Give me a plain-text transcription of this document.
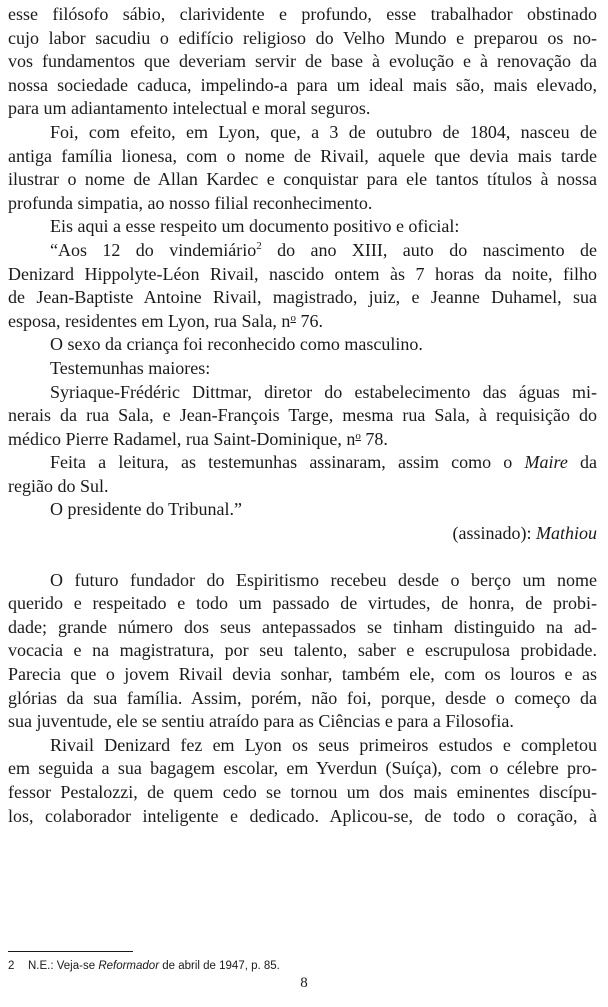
esse filósofo sábio, clarividente e profundo, esse trabalhador obstinado

cujo labor sacudiu o edifício religioso do Velho Mundo e preparou os no-

vos fundamentos que deveriam servir de base à evolução e à renovação da

nossa sociedade caduca, impelindo-a para um ideal mais são, mais elevado,

para um adiantamento intelectual e moral seguros.

Foi, com efeito, em Lyon, que, a 3 de outubro de 1804, nasceu de

antiga família lionesa, com o nome de Rivail, aquele que devia mais tarde

ilustrar o nome de Allan Kardec e conquistar para ele tantos títulos à nossa

profunda simpatia, ao nosso filial reconhecimento.

Eis aqui a esse respeito um documento positivo e oficial:

“Aos 12 do vindemiário$^2$ do ano XIII, auto do nascimento de

Denizard Hippolyte-Léon Rivail, nascido ontem às 7 horas da noite, filho

de Jean-Baptiste Antoine Rivail, magistrado, juiz, e Jeanne Duhamel, sua

esposa, residentes em Lyon, rua Sala, $n^o$ 76.

O sexo da criança foi reconhecido como masculino.

Testemunhas maiores:

Syriaque-Frédéric Dittmar, diretor do estabelecimento das águas mi-

nerais da rua Sala, e Jean-François Targe, mesma rua Sala, à requisição do

médico Pierre Radamel, rua Saint-Dominique, $n^o$ 78.

Feita a leitura, as testemunhas assinaram, assim como o Maire da

região do Sul.

O presidente do Tribunal.”

(assinado): Mathiou

O futuro fundador do Espiritismo recebeu desde o berço um nome

querido e respeitado e todo um passado de virtudes, de honra, de probi-

dade; grande número dos seus antepassados se tinham distinguido na ad-

vocacia e na magistratura, por seu talento, saber e escrupulosa probidade.

Parecia que o jovem Rivail devia sonhar, também ele, com os louros e as

glórias da sua família. Assim, porém, não foi, porque, desde o começo da

sua juventude, ele se sentiu atraído para as Ciências e para a Filosofia.

Rivail Denizard fez em Lyon os seus primeiros estudos e completou

em seguida a sua bagagem escolar, em Yverdun (Suíça), com o célebre pro-

fessor Pestalozzi, de quem cedo se tornou um dos mais eminentes discípu-

los, colaborador inteligente e dedicado. Aplicou-se, de todo o coração, à

2 N.E.: Veja-se Reformador de abril de 1947, p. 85.
8
